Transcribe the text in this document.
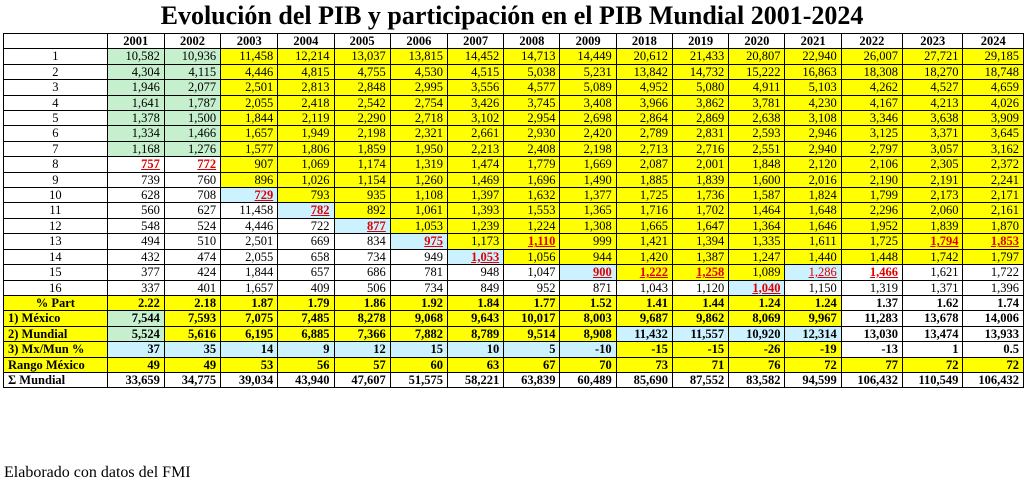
Evolución del PIB y participación en el PIB Mundial 2001-2024
	2001	2002	2003	2004	2005	2006	2007	2008	2009	2018	2019	2020	2021	2022	2023	2024
1	10,582	10,936	11,458	12,214	13,037	13,815	14,452	14,713	14,449	20,612	21,433	20,807	22,940	26,007	27,721	29,185
2	4,304	4,115	4,446	4,815	4,755	4,530	4,515	5,038	5,231	13,842	14,732	15,222	16,863	18,308	18,270	18,748
3	1,946	2,077	2,501	2,813	2,848	2,995	3,556	4,577	5,089	4,952	5,080	4,911	5,103	4,262	4,527	4,659
4	1,641	1,787	2,055	2,418	2,542	2,754	3,426	3,745	3,408	3,966	3,862	3,781	4,230	4,167	4,213	4,026
5	1,378	1,500	1,844	2,119	2,290	2,718	3,102	2,954	2,698	2,864	2,869	2,638	3,108	3,346	3,638	3,909
6	1,334	1,466	1,657	1,949	2,198	2,321	2,661	2,930	2,420	2,789	2,831	2,593	2,946	3,125	3,371	3,645
7	1,168	1,276	1,577	1,806	1,859	1,950	2,213	2,408	2,198	2,713	2,716	2,551	2,940	2,797	3,057	3,162
8	757	772	907	1,069	1,174	1,319	1,474	1,779	1,669	2,087	2,001	1,848	2,120	2,106	2,305	2,372
9	739	760	896	1,026	1,154	1,260	1,469	1,696	1,490	1,885	1,839	1,600	2,016	2,190	2,191	2,241
10	628	708	729	793	935	1,108	1,397	1,632	1,377	1,725	1,736	1,587	1,824	1,799	2,173	2,171
11	560	627	11,458	782	892	1,061	1,393	1,553	1,365	1,716	1,702	1,464	1,648	2,296	2,060	2,161
12	548	524	4,446	722	877	1,053	1,239	1,224	1,308	1,665	1,647	1,364	1,646	1,952	1,839	1,870
13	494	510	2,501	669	834	975	1,173	1,110	999	1,421	1,394	1,335	1,611	1,725	1,794	1,853
14	432	474	2,055	658	734	949	1,053	1,056	944	1,420	1,387	1,247	1,440	1,448	1,742	1,797
15	377	424	1,844	657	686	781	948	1,047	900	1,222	1,258	1,089	1,286	1,466	1,621	1,722
16	337	401	1,657	409	506	734	849	952	871	1,043	1,120	1,040	1,150	1,319	1,371	1,396
% Part	2.22	2.18	1.87	1.79	1.86	1.92	1.84	1.77	1.52	1.41	1.44	1.24	1.24	1.37	1.62	1.74
1) México	7,544	7,593	7,075	7,485	8,278	9,068	9,643	10,017	8,003	9,687	9,862	8,069	9,967	11,283	13,678	14,006
2) Mundial	5,524	5,616	6,195	6,885	7,366	7,882	8,789	9,514	8,908	11,432	11,557	10,920	12,314	13,030	13,474	13,933
3) Mx/Mun %	37	35	14	9	12	15	10	5	-10	-15	-15	-26	-19	-13	1	0.5
Rango México	49	49	53	56	57	60	63	67	70	73	71	76	72	77	72	72
Σ Mundial	33,659	34,775	39,034	43,940	47,607	51,575	58,221	63,839	60,489	85,690	87,552	83,582	94,599	106,432	110,549	106,432
Elaborado con datos del FMI
